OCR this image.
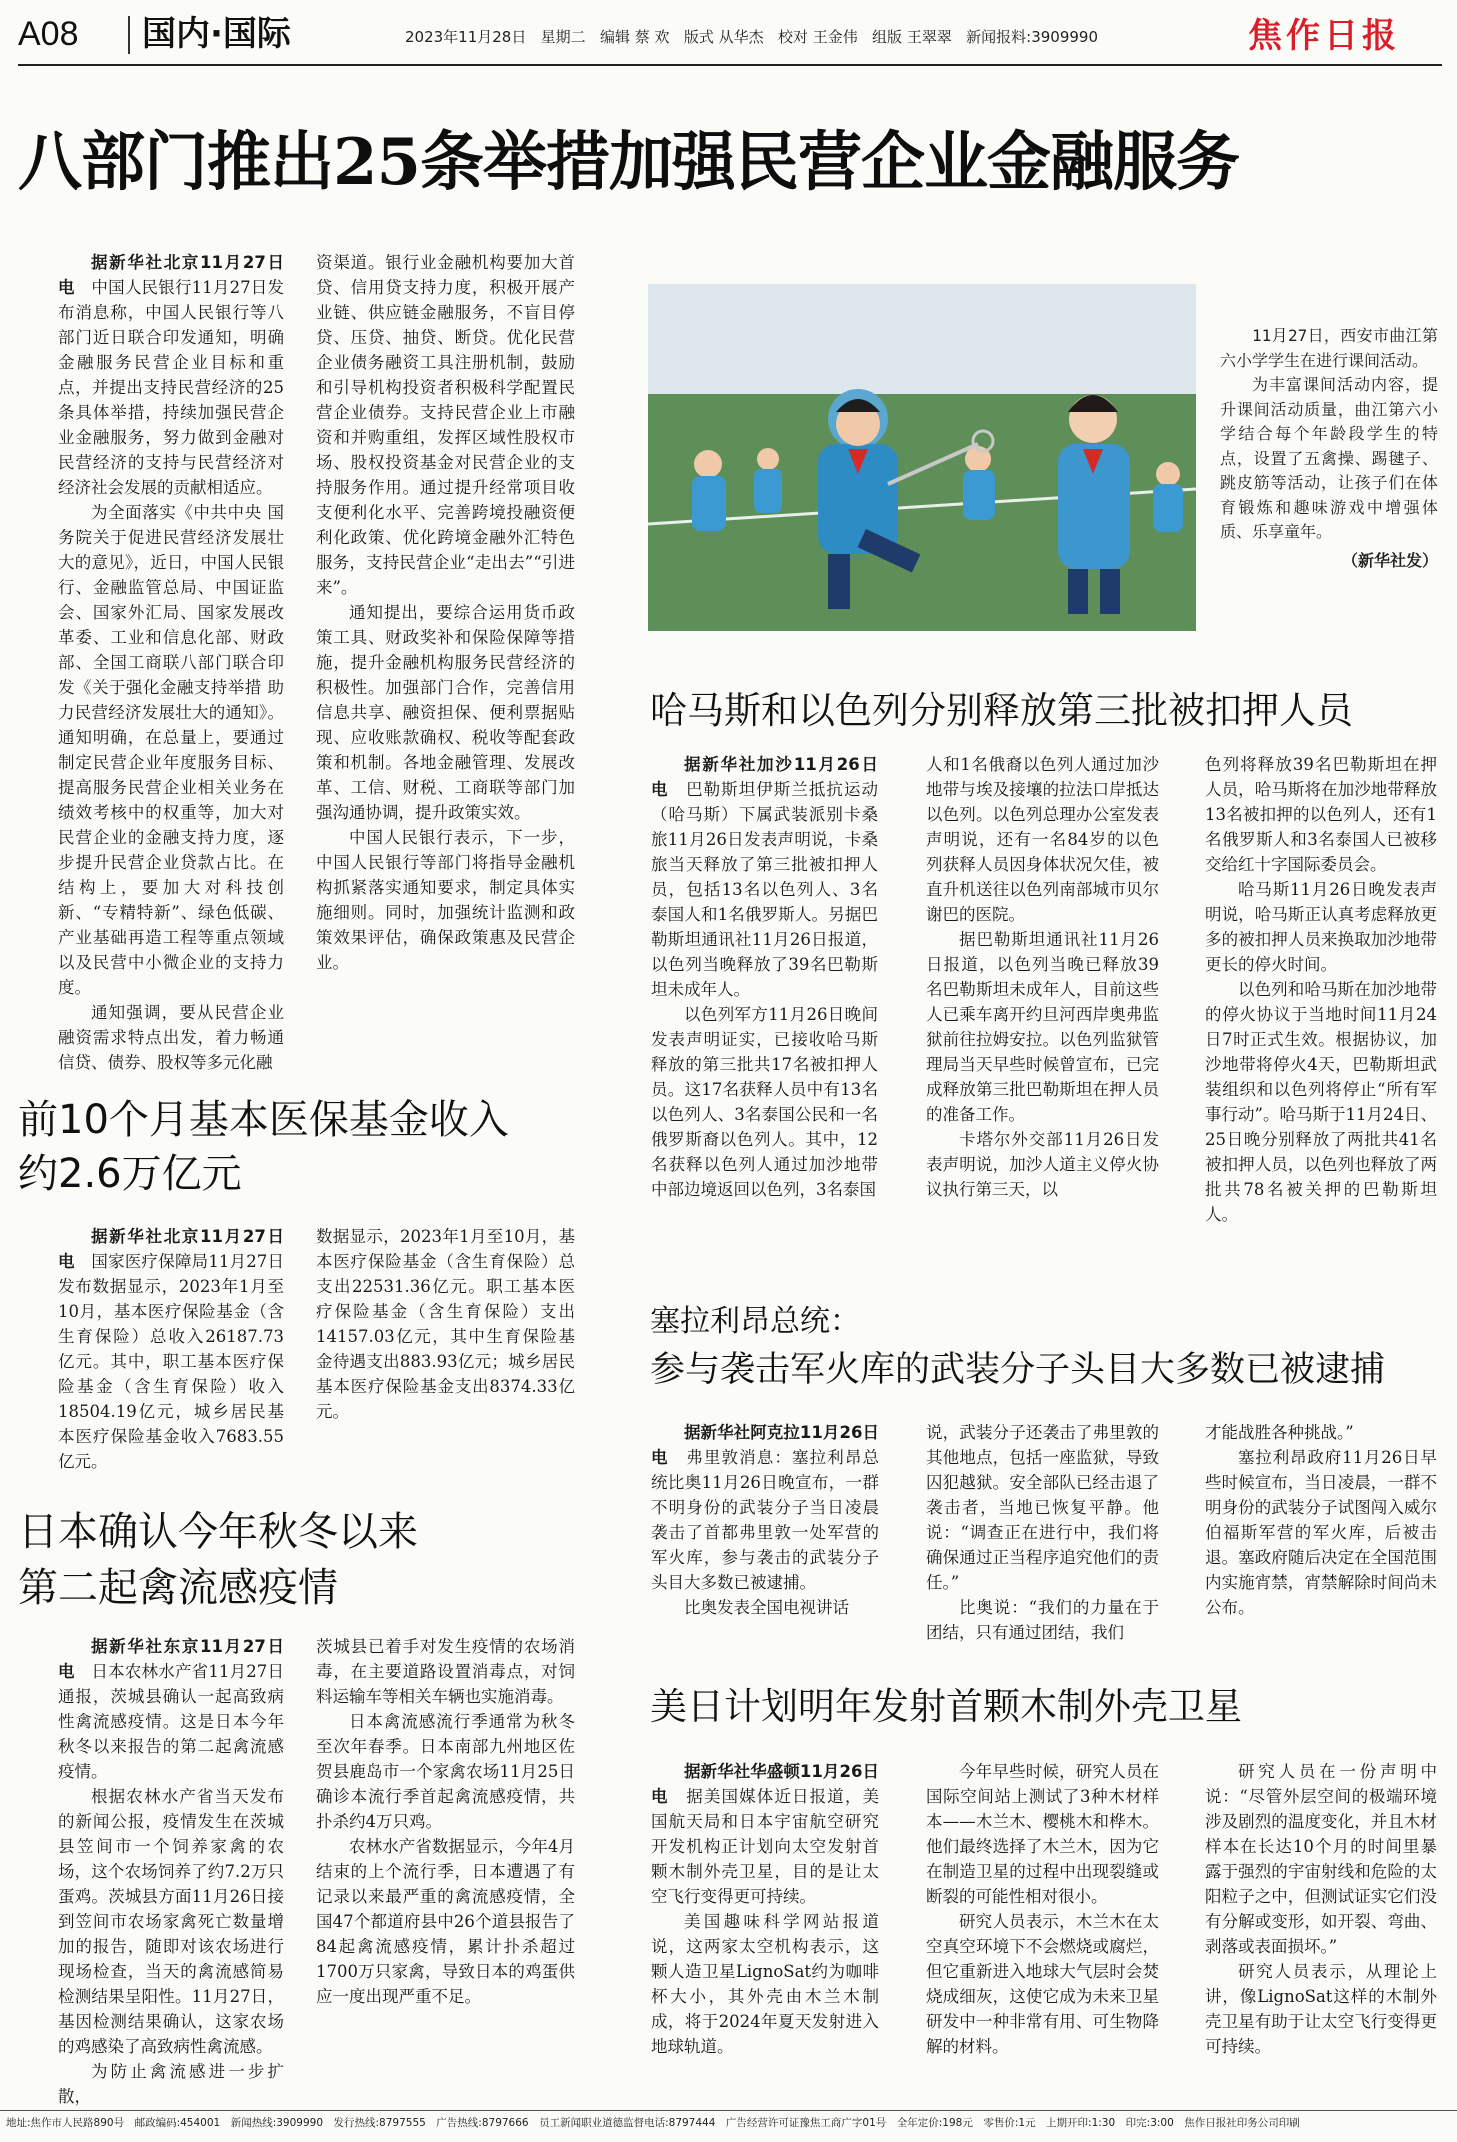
A08 国内·国际	2023年11月28日 星期二 编辑 蔡 欢 版式 从华杰 校对 王金伟 组版 王翠翠 新闻报料:3909990	焦作日报
八部门推出25条举措加强民营企业金融服务

据新华社北京11月27日电　中国人民银行11月27日发布消息称，中国人民银行等八部门近日联合印发通知，明确金融服务民营企业目标和重点，并提出支持民营经济的25条具体举措，持续加强民营企业金融服务，努力做到金融对民营经济的支持与民营经济对经济社会发展的贡献相适应。

为全面落实《中共中央 国务院关于促进民营经济发展壮大的意见》，近日，中国人民银行、金融监管总局、中国证监会、国家外汇局、国家发展改革委、工业和信息化部、财政部、全国工商联八部门联合印发《关于强化金融支持举措 助力民营经济发展壮大的通知》。通知明确，在总量上，要通过制定民营企业年度服务目标、提高服务民营企业相关业务在绩效考核中的权重等，加大对民营企业的金融支持力度，逐步提升民营企业贷款占比。在结构上，要加大对科技创新、“专精特新”、绿色低碳、产业基础再造工程等重点领域以及民营中小微企业的支持力度。

通知强调，要从民营企业融资需求特点出发，着力畅通信贷、债券、股权等多元化融

资渠道。银行业金融机构要加大首贷、信用贷支持力度，积极开展产业链、供应链金融服务，不盲目停贷、压贷、抽贷、断贷。优化民营企业债务融资工具注册机制，鼓励和引导机构投资者积极科学配置民营企业债券。支持民营企业上市融资和并购重组，发挥区域性股权市场、股权投资基金对民营企业的支持服务作用。通过提升经常项目收支便利化水平、完善跨境投融资便利化政策、优化跨境金融外汇特色服务，支持民营企业“走出去”“引进来”。

通知提出，要综合运用货币政策工具、财政奖补和保险保障等措施，提升金融机构服务民营经济的积极性。加强部门合作，完善信用信息共享、融资担保、便利票据贴现、应收账款确权、税收等配套政策和机制。各地金融管理、发展改革、工信、财税、工商联等部门加强沟通协调，提升政策实效。

中国人民银行表示，下一步，中国人民银行等部门将指导金融机构抓紧落实通知要求，制定具体实施细则。同时，加强统计监测和政策效果评估，确保政策惠及民营企业。

11月27日，西安市曲江第六小学学生在进行课间活动。

为丰富课间活动内容，提升课间活动质量，曲江第六小学结合每个年龄段学生的特点，设置了五禽操、踢毽子、跳皮筋等活动，让孩子们在体育锻炼和趣味游戏中增强体质、乐享童年。

（新华社发）

哈马斯和以色列分别释放第三批被扣押人员

据新华社加沙11月26日电　巴勒斯坦伊斯兰抵抗运动（哈马斯）下属武装派别卡桑旅11月26日发表声明说，卡桑旅当天释放了第三批被扣押人员，包括13名以色列人、3名泰国人和1名俄罗斯人。另据巴勒斯坦通讯社11月26日报道，以色列当晚释放了39名巴勒斯坦未成年人。

以色列军方11月26日晚间发表声明证实，已接收哈马斯释放的第三批共17名被扣押人员。这17名获释人员中有13名以色列人、3名泰国公民和一名俄罗斯裔以色列人。其中，12名获释以色列人通过加沙地带中部边境返回以色列，3名泰国

人和1名俄裔以色列人通过加沙地带与埃及接壤的拉法口岸抵达以色列。以色列总理办公室发表声明说，还有一名84岁的以色列获释人员因身体状况欠佳，被直升机送往以色列南部城市贝尔谢巴的医院。

据巴勒斯坦通讯社11月26日报道，以色列当晚已释放39名巴勒斯坦未成年人，目前这些人已乘车离开约旦河西岸奥弗监狱前往拉姆安拉。以色列监狱管理局当天早些时候曾宣布，已完成释放第三批巴勒斯坦在押人员的准备工作。

卡塔尔外交部11月26日发表声明说，加沙人道主义停火协议执行第三天，以

色列将释放39名巴勒斯坦在押人员，哈马斯将在加沙地带释放13名被扣押的以色列人，还有1名俄罗斯人和3名泰国人已被移交给红十字国际委员会。

哈马斯11月26日晚发表声明说，哈马斯正认真考虑释放更多的被扣押人员来换取加沙地带更长的停火时间。

以色列和哈马斯在加沙地带的停火协议于当地时间11月24日7时正式生效。根据协议，加沙地带将停火4天，巴勒斯坦武装组织和以色列将停止“所有军事行动”。哈马斯于11月24日、25日晚分别释放了两批共41名被扣押人员，以色列也释放了两批共78名被关押的巴勒斯坦人。

塞拉利昂总统：
参与袭击军火库的武装分子头目大多数已被逮捕

据新华社阿克拉11月26日电　弗里敦消息：塞拉利昂总统比奥11月26日晚宣布，一群不明身份的武装分子当日凌晨袭击了首都弗里敦一处军营的军火库，参与袭击的武装分子头目大多数已被逮捕。

比奥发表全国电视讲话

说，武装分子还袭击了弗里敦的其他地点，包括一座监狱，导致囚犯越狱。安全部队已经击退了袭击者，当地已恢复平静。他说：“调查正在进行中，我们将确保通过正当程序追究他们的责任。”

比奥说：“我们的力量在于团结，只有通过团结，我们

才能战胜各种挑战。”

塞拉利昂政府11月26日早些时候宣布，当日凌晨，一群不明身份的武装分子试图闯入威尔伯福斯军营的军火库，后被击退。塞政府随后决定在全国范围内实施宵禁，宵禁解除时间尚未公布。

美日计划明年发射首颗木制外壳卫星

据新华社华盛顿11月26日电　据美国媒体近日报道，美国航天局和日本宇宙航空研究开发机构正计划向太空发射首颗木制外壳卫星，目的是让太空飞行变得更可持续。

美国趣味科学网站报道说，这两家太空机构表示，这颗人造卫星LignoSat约为咖啡杯大小，其外壳由木兰木制成，将于2024年夏天发射进入地球轨道。

今年早些时候，研究人员在国际空间站上测试了3种木材样本——木兰木、樱桃木和桦木。他们最终选择了木兰木，因为它在制造卫星的过程中出现裂缝或断裂的可能性相对很小。

研究人员表示，木兰木在太空真空环境下不会燃烧或腐烂，但它重新进入地球大气层时会焚烧成细灰，这使它成为未来卫星研发中一种非常有用、可生物降解的材料。

研究人员在一份声明中说：“尽管外层空间的极端环境涉及剧烈的温度变化，并且木材样本在长达10个月的时间里暴露于强烈的宇宙射线和危险的太阳粒子之中，但测试证实它们没有分解或变形，如开裂、弯曲、剥落或表面损坏。”

研究人员表示，从理论上讲，像LignoSat这样的木制外壳卫星有助于让太空飞行变得更可持续。

前10个月基本医保基金收入
约2.6万亿元

据新华社北京11月27日电　国家医疗保障局11月27日发布数据显示，2023年1月至10月，基本医疗保险基金（含生育保险）总收入26187.73亿元。其中，职工基本医疗保险基金（含生育保险）收入18504.19亿元，城乡居民基本医疗保险基金收入7683.55亿元。

数据显示，2023年1月至10月，基本医疗保险基金（含生育保险）总支出22531.36亿元。职工基本医疗保险基金（含生育保险）支出14157.03亿元，其中生育保险基金待遇支出883.93亿元；城乡居民基本医疗保险基金支出8374.33亿元。

日本确认今年秋冬以来
第二起禽流感疫情

据新华社东京11月27日电　日本农林水产省11月27日通报，茨城县确认一起高致病性禽流感疫情。这是日本今年秋冬以来报告的第二起禽流感疫情。

根据农林水产省当天发布的新闻公报，疫情发生在茨城县笠间市一个饲养家禽的农场，这个农场饲养了约7.2万只蛋鸡。茨城县方面11月26日接到笠间市农场家禽死亡数量增加的报告，随即对该农场进行现场检查，当天的禽流感简易检测结果呈阳性。11月27日，基因检测结果确认，这家农场的鸡感染了高致病性禽流感。

为防止禽流感进一步扩散，

茨城县已着手对发生疫情的农场消毒，在主要道路设置消毒点，对饲料运输车等相关车辆也实施消毒。

日本禽流感流行季通常为秋冬至次年春季。日本南部九州地区佐贺县鹿岛市一个家禽农场11月25日确诊本流行季首起禽流感疫情，共扑杀约4万只鸡。

农林水产省数据显示，今年4月结束的上个流行季，日本遭遇了有记录以来最严重的禽流感疫情，全国47个都道府县中26个道县报告了84起禽流感疫情，累计扑杀超过1700万只家禽，导致日本的鸡蛋供应一度出现严重不足。

地址:焦作市人民路890号　邮政编码:454001　新闻热线:3909990　发行热线:8797555　广告热线:8797666　员工新闻职业道德监督电话:8797444　广告经营许可证豫焦工商广字01号　全年定价:198元　零售价:1元　上期开印:1:30　印完:3:00　焦作日报社印务公司印刷
